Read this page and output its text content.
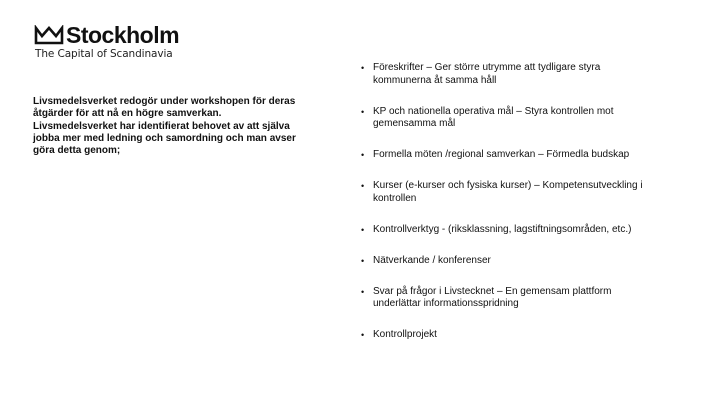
Stockholm
The Capital of Scandinavia
Livsmedelsverket redogör under workshopen för deras åtgärder för att nå en högre samverkan. Livsmedelsverket har identifierat behovet av att själva jobba mer med ledning och samordning och man avser göra detta genom;
• Föreskrifter – Ger större utrymme att tydligare styra kommunerna åt samma håll
• KP och nationella operativa mål – Styra kontrollen mot gemensamma mål
• Formella möten /regional samverkan – Förmedla budskap
• Kurser (e-kurser och fysiska kurser) – Kompetensutveckling i kontrollen
• Kontrollverktyg - (riksklassning, lagstiftningsområden, etc.)
• Nätverkande / konferenser
• Svar på frågor i Livstecknet – En gemensam plattform underlättar informationsspridning
• Kontrollprojekt
